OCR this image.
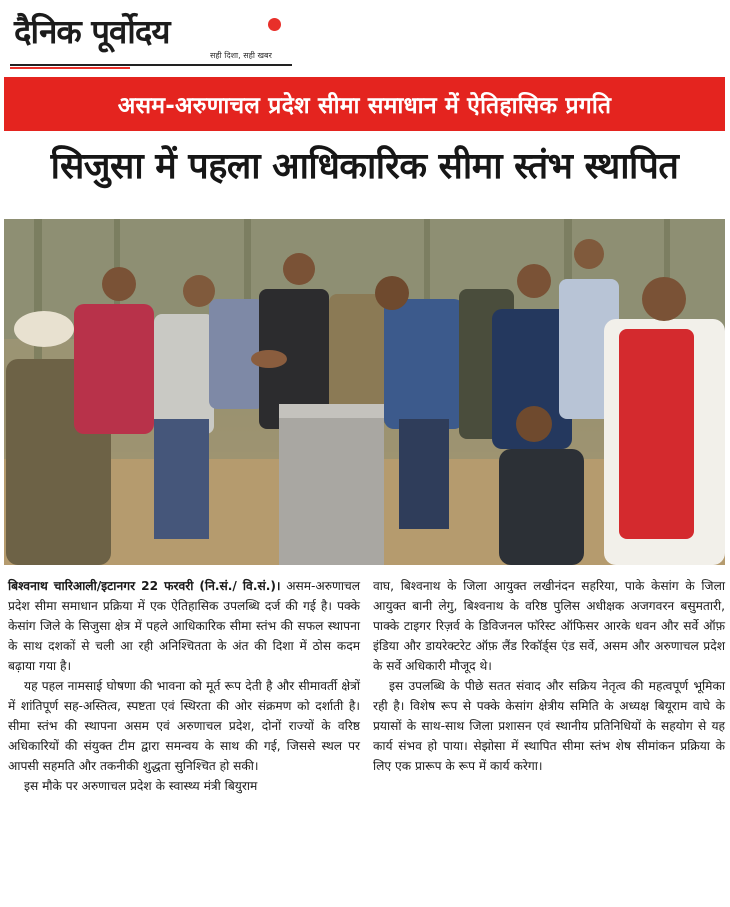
दैनिक पूर्वोदय
सही दिशा, सही खबर
असम-अरुणाचल प्रदेश सीमा समाधान में ऐतिहासिक प्रगति
सिजुसा में पहला आधिकारिक सीमा स्तंभ स्थापित

बिश्वनाथ चारिआली/इटानगर 22 फरवरी (नि.सं./ वि.सं.)। असम-अरुणाचल प्रदेश सीमा समाधान प्रक्रिया में एक ऐतिहासिक उपलब्धि दर्ज की गई है। पक्के केसांग जिले के सिजुसा क्षेत्र में पहले आधिकारिक सीमा स्तंभ की सफल स्थापना के साथ दशकों से चली आ रही अनिश्चितता के अंत की दिशा में ठोस कदम बढ़ाया गया है।

यह पहल नामसाई घोषणा की भावना को मूर्त रूप देती है और सीमावर्ती क्षेत्रों में शांतिपूर्ण सह-अस्तित्व, स्पष्टता एवं स्थिरता की ओर संक्रमण को दर्शाती है। सीमा स्तंभ की स्थापना असम एवं अरुणाचल प्रदेश, दोनों राज्यों के वरिष्ठ अधिकारियों की संयुक्त टीम द्वारा समन्वय के साथ की गई, जिससे स्थल पर आपसी सहमति और तकनीकी शुद्धता सुनिश्चित हो सकी।

इस मौके पर अरुणाचल प्रदेश के स्वास्थ्य मंत्री बियुराम

वाघ, बिश्वनाथ के जिला आयुक्त लखीनंदन सहरिया, पाके केसांग के जिला आयुक्त बानी लेगु, बिश्वनाथ के वरिष्ठ पुलिस अधीक्षक अजगवरन बसुमतारी, पाक्के टाइगर रिज़र्व के डिविजनल फॉरेस्ट ऑफिसर आरके धवन और सर्वे ऑफ़ इंडिया और डायरेक्टरेट ऑफ़ लैंड रिकॉर्ड्स एंड सर्वे, असम और अरुणाचल प्रदेश के सर्वे अधिकारी मौजूद थे।

इस उपलब्धि के पीछे सतत संवाद और सक्रिय नेतृत्व की महत्वपूर्ण भूमिका रही है। विशेष रूप से पक्के केसांग क्षेत्रीय समिति के अध्यक्ष बियूराम वाघे के प्रयासों के साथ-साथ जिला प्रशासन एवं स्थानीय प्रतिनिधियों के सहयोग से यह कार्य संभव हो पाया। सेझोसा में स्थापित सीमा स्तंभ शेष सीमांकन प्रक्रिया के लिए एक प्रारूप के रूप में कार्य करेगा।
